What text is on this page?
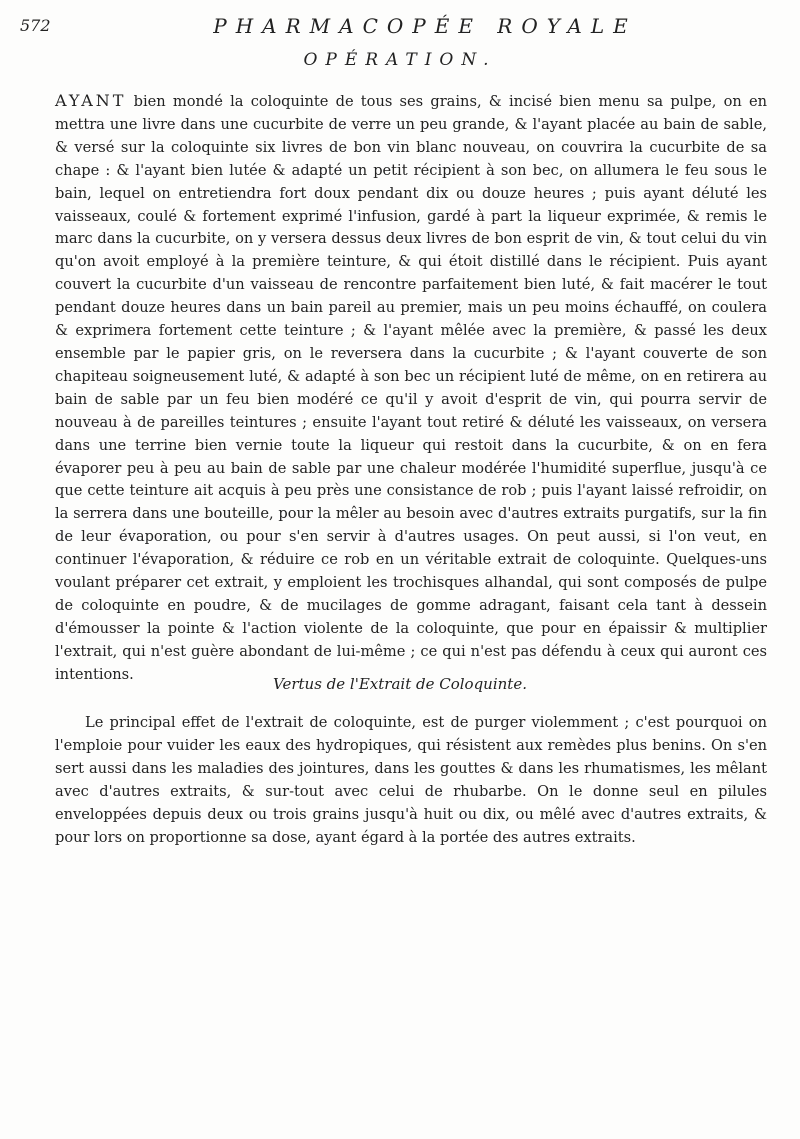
572	PHARMACOPÉE ROYALE
OPÉRATION.

AYANT bien mondé la coloquinte de tous ses grains, & incisé bien menu sa pulpe, on en mettra une livre dans une cucurbite de verre un peu grande, & l'ayant placée au bain de sable, & versé sur la coloquinte six livres de bon vin blanc nouveau, on couvrira la cucurbite de sa chape : & l'ayant bien lutée & adapté un petit récipient à son bec, on allumera le feu sous le bain, lequel on entretiendra fort doux pendant dix ou douze heures ; puis ayant déluté les vaisseaux, coulé & fortement exprimé l'infusion, gardé à part la liqueur exprimée, & remis le marc dans la cucurbite, on y versera dessus deux livres de bon esprit de vin, & tout celui du vin qu'on avoit employé à la première teinture, & qui étoit distillé dans le récipient. Puis ayant couvert la cucurbite d'un vaisseau de rencontre parfaitement bien luté, & fait macérer le tout pendant douze heures dans un bain pareil au premier, mais un peu moins échauffé, on coulera & exprimera fortement cette teinture ; & l'ayant mêlée avec la première, & passé les deux ensemble par le papier gris, on le reversera dans la cucurbite ; & l'ayant couverte de son chapiteau soigneusement luté, & adapté à son bec un récipient luté de même, on en retirera au bain de sable par un feu bien modéré ce qu'il y avoit d'esprit de vin, qui pourra servir de nouveau à de pareilles teintures ; ensuite l'ayant tout retiré & déluté les vaisseaux, on versera dans une terrine bien vernie toute la liqueur qui restoit dans la cucurbite, & on en fera évaporer peu à peu au bain de sable par une chaleur modérée l'humidité superflue, jusqu'à ce que cette teinture ait acquis à peu près une consistance de rob ; puis l'ayant laissé refroidir, on la serrera dans une bouteille, pour la mêler au besoin avec d'autres extraits purgatifs, sur la fin de leur évaporation, ou pour s'en servir à d'autres usages. On peut aussi, si l'on veut, en continuer l'évaporation, & réduire ce rob en un véritable extrait de coloquinte. Quelques-uns voulant préparer cet extrait, y emploient les trochisques alhandal, qui sont composés de pulpe de coloquinte en poudre, & de mucilages de gomme adragant, faisant cela tant à dessein d'émousser la pointe & l'action violente de la coloquinte, que pour en épaissir & multiplier l'extrait, qui n'est guère abondant de lui-même ; ce qui n'est pas défendu à ceux qui auront ces intentions.

Vertus de l'Extrait de Coloquinte.

Le principal effet de l'extrait de coloquinte, est de purger violemment ; c'est pourquoi on l'emploie pour vuider les eaux des hydropiques, qui résistent aux remèdes plus benins. On s'en sert aussi dans les maladies des jointures, dans les gouttes & dans les rhumatismes, les mêlant avec d'autres extraits, & sur-tout avec celui de rhubarbe. On le donne seul en pilules enveloppées depuis deux ou trois grains jusqu'à huit ou dix, ou mêlé avec d'autres extraits, & pour lors on proportionne sa dose, ayant égard à la portée des autres extraits.
